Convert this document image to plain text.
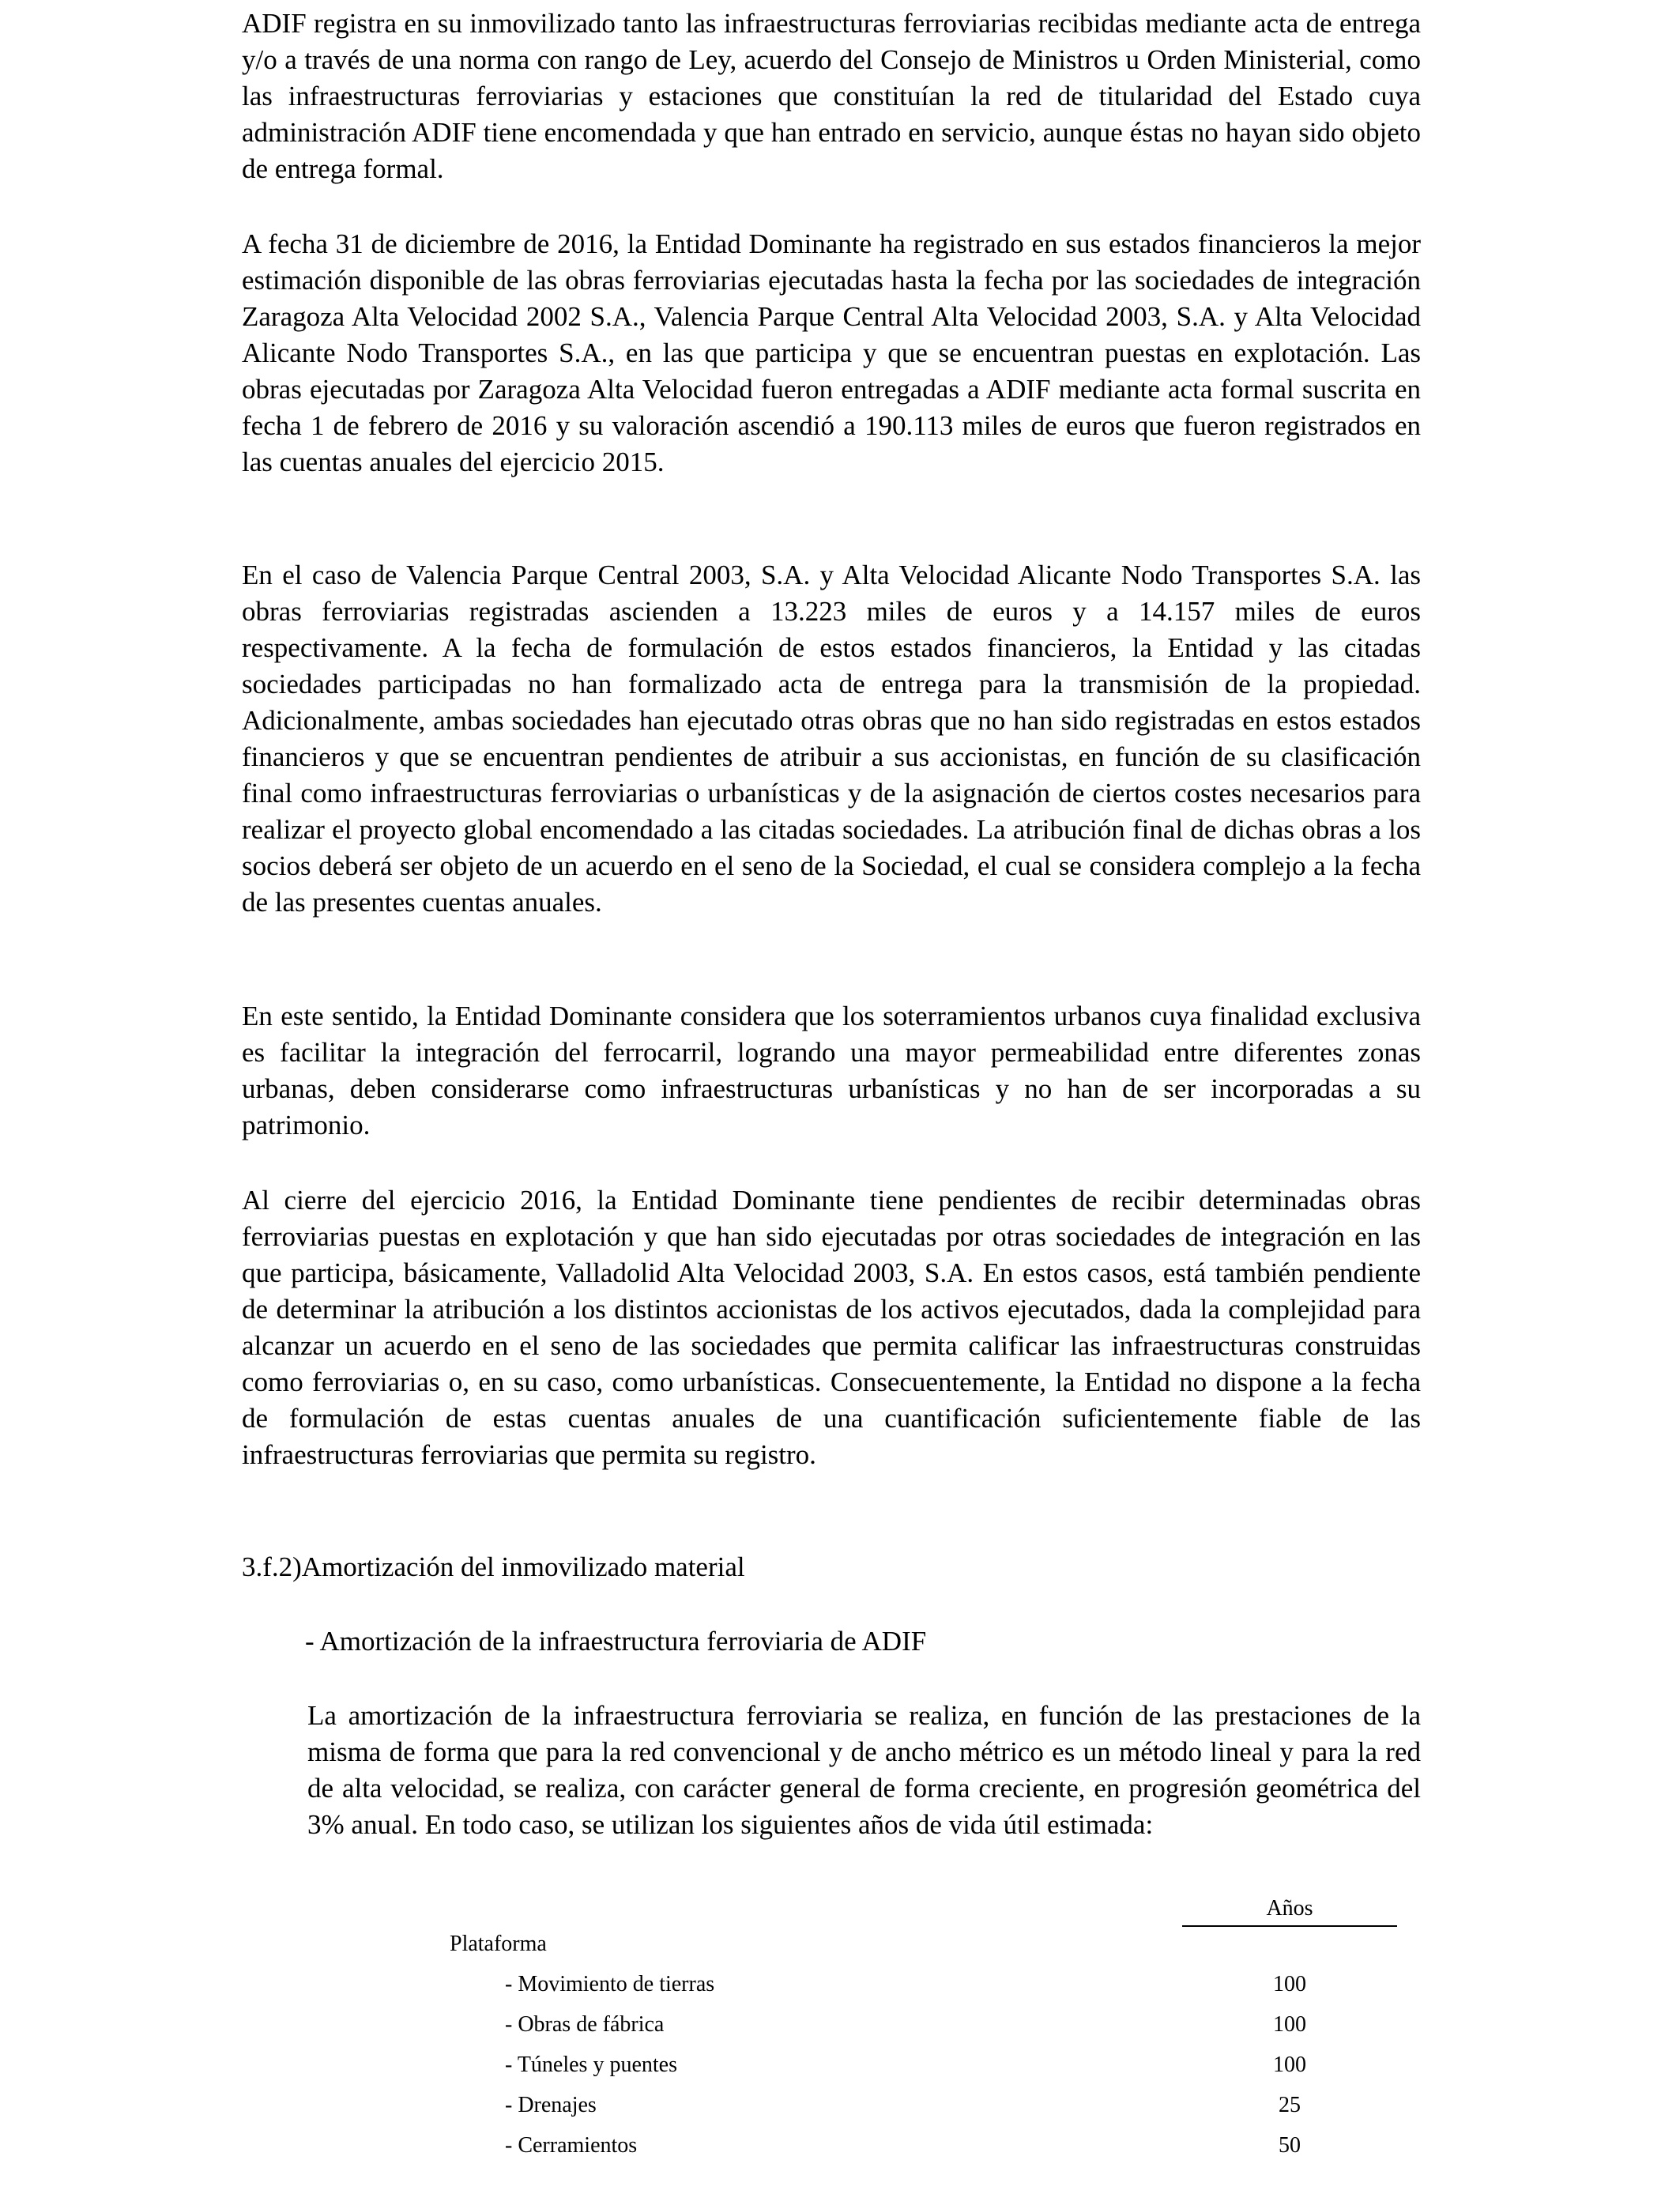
ADIF registra en su inmovilizado tanto las infraestructuras ferroviarias recibidas mediante acta de entrega y/o a través de una norma con rango de Ley, acuerdo del Consejo de Ministros u Orden Ministerial, como las infraestructuras ferroviarias y estaciones que constituían la red de titularidad del Estado cuya administración ADIF tiene encomendada y que han entrado en servicio, aunque éstas no hayan sido objeto de entrega formal.

A fecha 31 de diciembre de 2016, la Entidad Dominante ha registrado en sus estados financieros la mejor estimación disponible de las obras ferroviarias ejecutadas hasta la fecha por las sociedades de integración Zaragoza Alta Velocidad 2002 S.A., Valencia Parque Central Alta Velocidad 2003, S.A. y Alta Velocidad Alicante Nodo Transportes S.A., en las que participa y que se encuentran puestas en explotación. Las obras ejecutadas por Zaragoza Alta Velocidad fueron entregadas a ADIF mediante acta formal suscrita en fecha 1 de febrero de 2016 y su valoración ascendió a 190.113 miles de euros que fueron registrados en las cuentas anuales del ejercicio 2015.

En el caso de Valencia Parque Central 2003, S.A. y Alta Velocidad Alicante Nodo Transportes S.A. las obras ferroviarias registradas ascienden a 13.223 miles de euros y a 14.157 miles de euros respectivamente. A la fecha de formulación de estos estados financieros, la Entidad y las citadas sociedades participadas no han formalizado acta de entrega para la transmisión de la propiedad. Adicionalmente, ambas sociedades han ejecutado otras obras que no han sido registradas en estos estados financieros y que se encuentran pendientes de atribuir a sus accionistas, en función de su clasificación final como infraestructuras ferroviarias o urbanísticas y de la asignación de ciertos costes necesarios para realizar el proyecto global encomendado a las citadas sociedades. La atribución final de dichas obras a los socios deberá ser objeto de un acuerdo en el seno de la Sociedad, el cual se considera complejo a la fecha de las presentes cuentas anuales.

En este sentido, la Entidad Dominante considera que los soterramientos urbanos cuya finalidad exclusiva es facilitar la integración del ferrocarril, logrando una mayor permeabilidad entre diferentes zonas urbanas, deben considerarse como infraestructuras urbanísticas y no han de ser incorporadas a su patrimonio.

Al cierre del ejercicio 2016, la Entidad Dominante tiene pendientes de recibir determinadas obras ferroviarias puestas en explotación y que han sido ejecutadas por otras sociedades de integración en las que participa, básicamente, Valladolid Alta Velocidad 2003, S.A. En estos casos, está también pendiente de determinar la atribución a los distintos accionistas de los activos ejecutados, dada la complejidad para alcanzar un acuerdo en el seno de las sociedades que permita calificar las infraestructuras construidas como ferroviarias o, en su caso, como urbanísticas. Consecuentemente, la Entidad no dispone a la fecha de formulación de estas cuentas anuales de una cuantificación suficientemente fiable de las infraestructuras ferroviarias que permita su registro.

3.f.2)Amortización del inmovilizado material
- Amortización de la infraestructura ferroviaria de ADIF

La amortización de la infraestructura ferroviaria se realiza, en función de las prestaciones de la misma de forma que para la red convencional y de ancho métrico es un método lineal y para la red de alta velocidad, se realiza, con carácter general de forma creciente, en progresión geométrica del 3% anual. En todo caso, se utilizan los siguientes años de vida útil estimada:

Años
Plataforma
- Movimiento de tierras	100
- Obras de fábrica	100
- Túneles y puentes	100
- Drenajes	25
- Cerramientos	50
